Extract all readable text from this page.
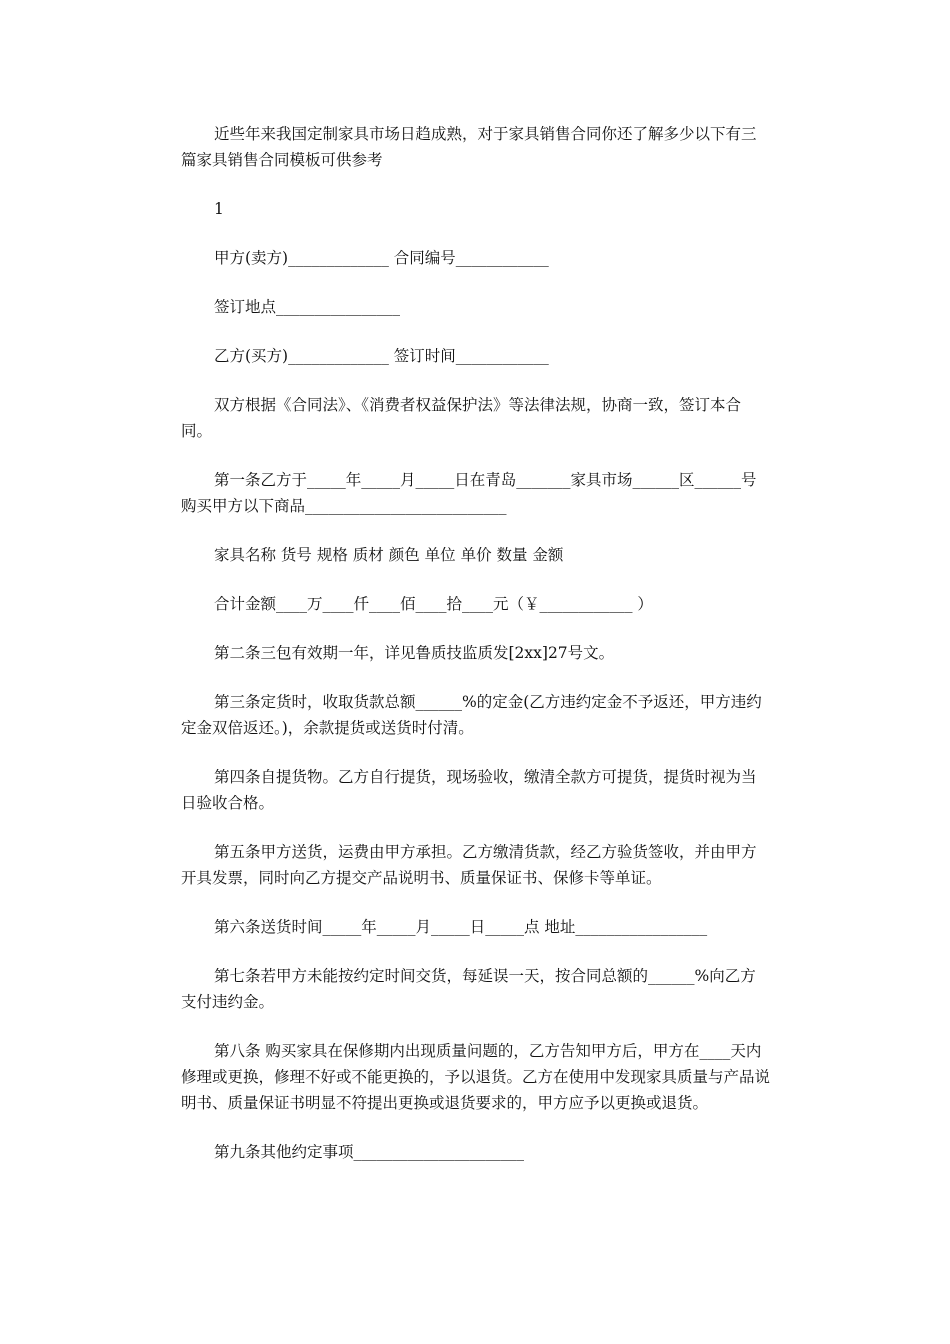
近些年来我国定制家具市场日趋成熟，对于家具销售合同你还了解多少以下有三篇家具销售合同模板可供参考

1

甲方(卖方)_____________ 合同编号____________

签订地点________________

乙方(买方)_____________ 签订时间____________

双方根据《合同法》、《消费者权益保护法》等法律法规，协商一致，签订本合同。

第一条乙方于_____年_____月_____日在青岛_______家具市场______区______号购买甲方以下商品__________________________

家具名称 货号 规格 质材 颜色 单位 单价 数量 金额

合计金额____万____仟____佰____拾____元（￥____________ ）

第二条三包有效期一年，详见鲁质技监质发[2xx]27号文。

第三条定货时，收取货款总额______%的定金(乙方违约定金不予返还，甲方违约定金双倍返还。)，余款提货或送货时付清。

第四条自提货物。乙方自行提货，现场验收，缴清全款方可提货，提货时视为当日验收合格。

第五条甲方送货，运费由甲方承担。乙方缴清货款，经乙方验货签收，并由甲方开具发票，同时向乙方提交产品说明书、质量保证书、保修卡等单证。

第六条送货时间_____年_____月_____日_____点 地址_________________

第七条若甲方未能按约定时间交货，每延误一天，按合同总额的______%向乙方支付违约金。

第八条 购买家具在保修期内出现质量问题的，乙方告知甲方后，甲方在____天内修理或更换，修理不好或不能更换的，予以退货。乙方在使用中发现家具质量与产品说明书、质量保证书明显不符提出更换或退货要求的，甲方应予以更换或退货。

第九条其他约定事项______________________
